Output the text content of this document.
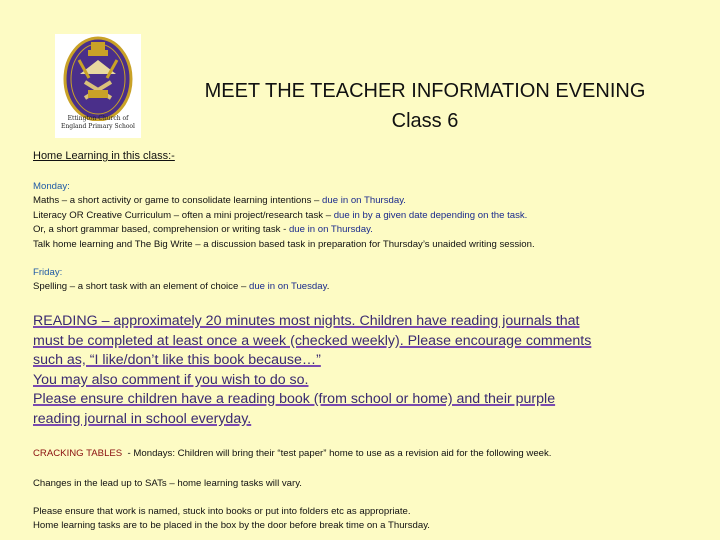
Ettington Church of England Primary School
MEET THE TEACHER INFORMATION EVENING
Class 6
Home Learning in this class:-
Monday:
Maths – a short activity or game to consolidate learning intentions – due in on Thursday.
Literacy OR Creative Curriculum – often a mini project/research task – due in by a given date depending on the task.
Or, a short grammar based, comprehension or writing task - due in on Thursday.
Talk home learning and The Big Write – a discussion based task in preparation for Thursday’s unaided writing session.
Friday:
Spelling – a short task with an element of choice – due in on Tuesday.
READING – approximately 20 minutes most nights. Children have reading journals that
must be completed at least once a week (checked weekly). Please encourage comments
such as, “I like/don’t like this book because…”
You may also comment if you wish to do so.
Please ensure children have a reading book (from school or home) and their purple
reading journal in school everyday.
CRACKING TABLES  - Mondays: Children will bring their “test paper” home to use as a revision aid for the following week.
Changes in the lead up to SATs – home learning tasks will vary.
Please ensure that work is named, stuck into books or put into folders etc as appropriate.
Home learning tasks are to be placed in the box by the door before break time on a Thursday.
